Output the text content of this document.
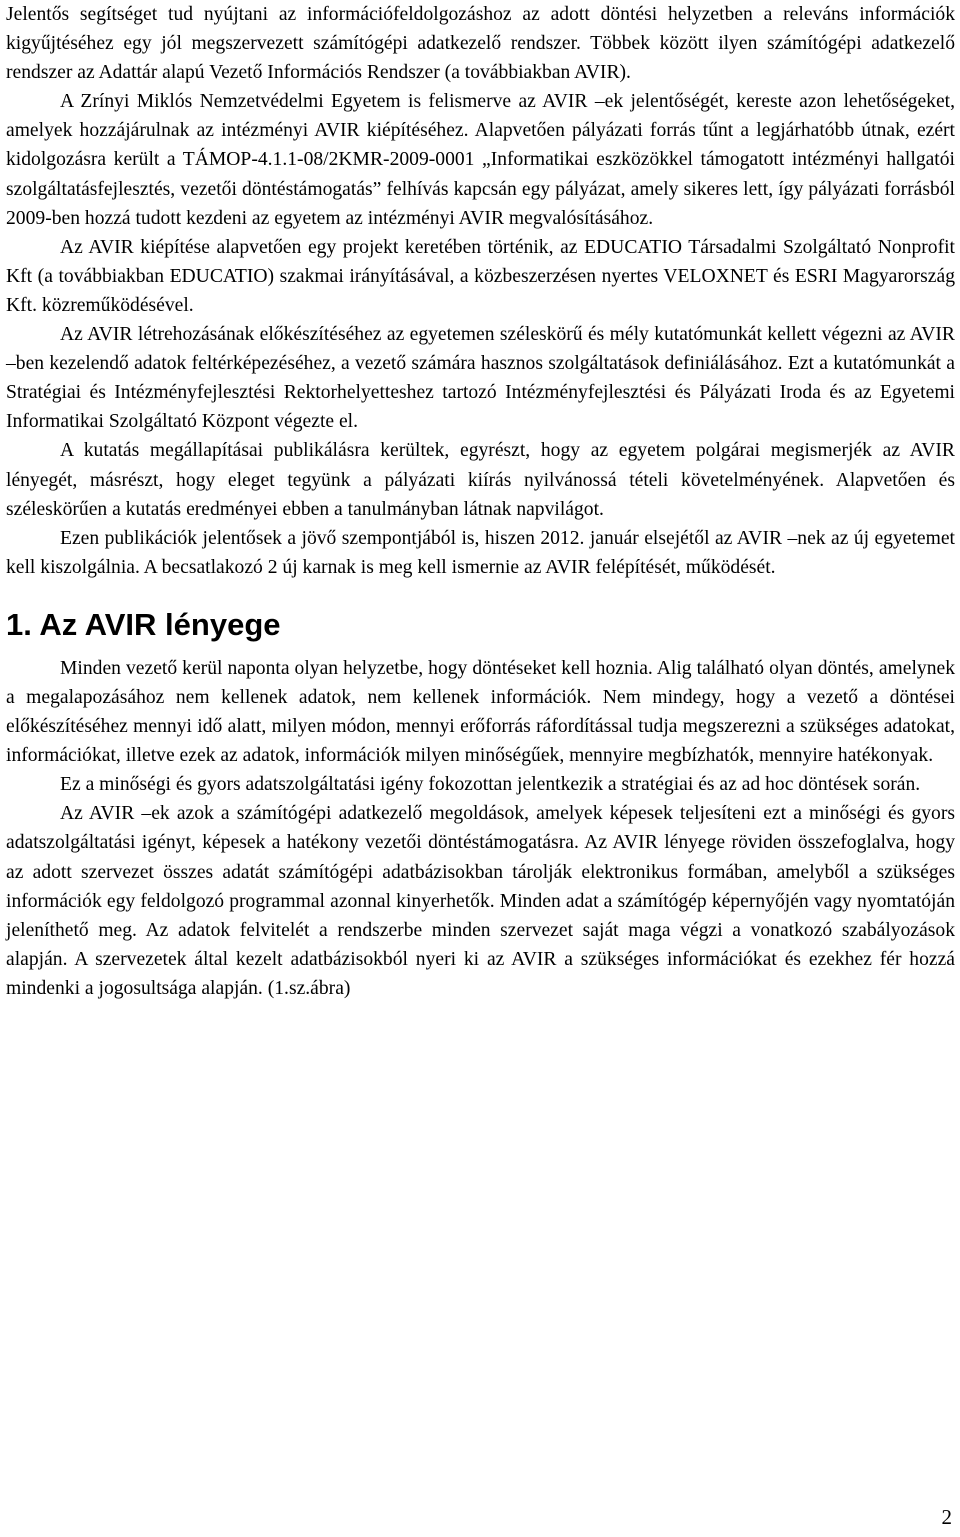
Jelentős segítséget tud nyújtani az információfeldolgozáshoz az adott döntési helyzetben a releváns információk kigyűjtéséhez egy jól megszervezett számítógépi adatkezelő rendszer. Többek között ilyen számítógépi adatkezelő rendszer az Adattár alapú Vezető Információs Rendszer (a továbbiakban AVIR).

A Zrínyi Miklós Nemzetvédelmi Egyetem is felismerve az AVIR –ek jelentőségét, kereste azon lehetőségeket, amelyek hozzájárulnak az intézményi AVIR kiépítéséhez. Alapvetően pályázati forrás tűnt a legjárhatóbb útnak, ezért kidolgozásra került a TÁMOP-4.1.1-08/2KMR-2009-0001 „Informatikai eszközökkel támogatott intézményi hallgatói szolgáltatásfejlesztés, vezetői döntéstámogatás” felhívás kapcsán egy pályázat, amely sikeres lett, így pályázati forrásból 2009-ben hozzá tudott kezdeni az egyetem az intézményi AVIR megvalósításához.

Az AVIR kiépítése alapvetően egy projekt keretében történik, az EDUCATIO Társadalmi Szolgáltató Nonprofit Kft (a továbbiakban EDUCATIO) szakmai irányításával, a közbeszerzésen nyertes VELOXNET és ESRI Magyarország Kft. közreműködésével.

Az AVIR létrehozásának előkészítéséhez az egyetemen széleskörű és mély kutatómunkát kellett végezni az AVIR –ben kezelendő adatok feltérképezéséhez, a vezető számára hasznos szolgáltatások definiálásához. Ezt a kutatómunkát a Stratégiai és Intézményfejlesztési Rektorhelyetteshez tartozó Intézményfejlesztési és Pályázati Iroda és az Egyetemi Informatikai Szolgáltató Központ végezte el.

A kutatás megállapításai publikálásra kerültek, egyrészt, hogy az egyetem polgárai megismerjék az AVIR lényegét, másrészt, hogy eleget tegyünk a pályázati kiírás nyilvánossá tételi követelményének. Alapvetően és széleskörűen a kutatás eredményei ebben a tanulmányban látnak napvilágot.

Ezen publikációk jelentősek a jövő szempontjából is, hiszen 2012. január elsejétől az AVIR –nek az új egyetemet kell kiszolgálnia. A becsatlakozó 2 új karnak is meg kell ismernie az AVIR felépítését, működését.

1. Az AVIR lényege

Minden vezető kerül naponta olyan helyzetbe, hogy döntéseket kell hoznia. Alig található olyan döntés, amelynek a megalapozásához nem kellenek adatok, nem kellenek információk. Nem mindegy, hogy a vezető a döntései előkészítéséhez mennyi idő alatt, milyen módon, mennyi erőforrás ráfordítással tudja megszerezni a szükséges adatokat, információkat, illetve ezek az adatok, információk milyen minőségűek, mennyire megbízhatók, mennyire hatékonyak.

Ez a minőségi és gyors adatszolgáltatási igény fokozottan jelentkezik a stratégiai és az ad hoc döntések során.

Az AVIR –ek azok a számítógépi adatkezelő megoldások, amelyek képesek teljesíteni ezt a minőségi és gyors adatszolgáltatási igényt, képesek a hatékony vezetői döntéstámogatásra. Az AVIR lényege röviden összefoglalva, hogy az adott szervezet összes adatát számítógépi adatbázisokban tárolják elektronikus formában, amelyből a szükséges információk egy feldolgozó programmal azonnal kinyerhetők. Minden adat a számítógép képernyőjén vagy nyomtatóján jeleníthető meg. Az adatok felvitelét a rendszerbe minden szervezet saját maga végzi a vonatkozó szabályozások alapján. A szervezetek által kezelt adatbázisokból nyeri ki az AVIR a szükséges információkat és ezekhez fér hozzá mindenki a jogosultsága alapján. (1.sz.ábra)

2
